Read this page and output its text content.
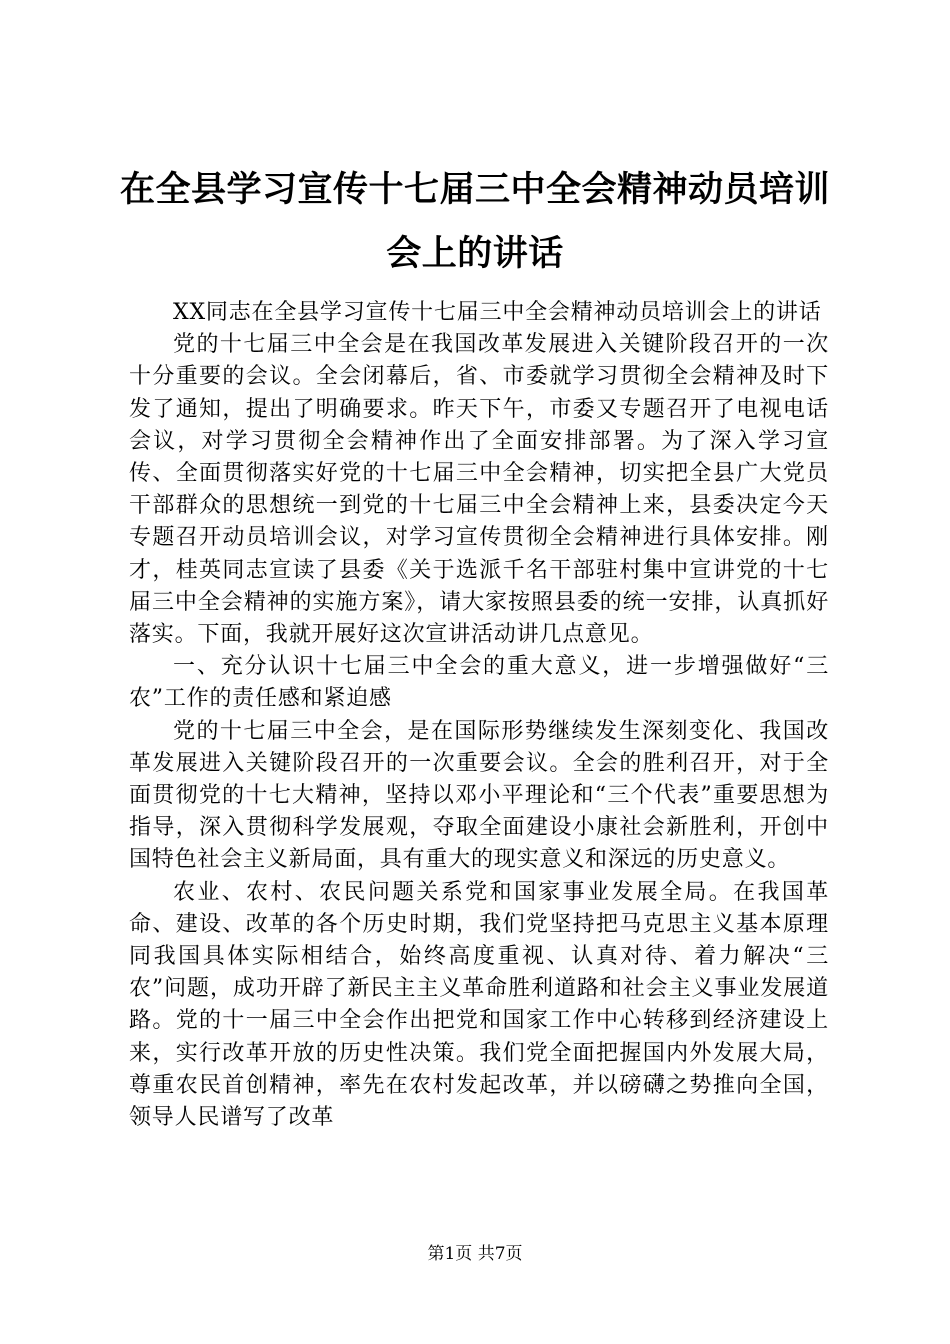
在全县学习宣传十七届三中全会精神动员培训会上的讲话

XX同志在全县学习宣传十七届三中全会精神动员培训会上的讲话

党的十七届三中全会是在我国改革发展进入关键阶段召开的一次十分重要的会议。全会闭幕后，省、市委就学习贯彻全会精神及时下发了通知，提出了明确要求。昨天下午，市委又专题召开了电视电话会议，对学习贯彻全会精神作出了全面安排部署。为了深入学习宣传、全面贯彻落实好党的十七届三中全会精神，切实把全县广大党员干部群众的思想统一到党的十七届三中全会精神上来，县委决定今天专题召开动员培训会议，对学习宣传贯彻全会精神进行具体安排。刚才，桂英同志宣读了县委《关于选派千名干部驻村集中宣讲党的十七届三中全会精神的实施方案》，请大家按照县委的统一安排，认真抓好落实。下面，我就开展好这次宣讲活动讲几点意见。

一、充分认识十七届三中全会的重大意义，进一步增强做好“三农”工作的责任感和紧迫感

党的十七届三中全会，是在国际形势继续发生深刻变化、我国改革发展进入关键阶段召开的一次重要会议。全会的胜利召开，对于全面贯彻党的十七大精神，坚持以邓小平理论和“三个代表”重要思想为指导，深入贯彻科学发展观，夺取全面建设小康社会新胜利，开创中国特色社会主义新局面，具有重大的现实意义和深远的历史意义。

农业、农村、农民问题关系党和国家事业发展全局。在我国革命、建设、改革的各个历史时期，我们党坚持把马克思主义基本原理同我国具体实际相结合，始终高度重视、认真对待、着力解决“三农”问题，成功开辟了新民主主义革命胜利道路和社会主义事业发展道路。党的十一届三中全会作出把党和国家工作中心转移到经济建设上来，实行改革开放的历史性决策。我们党全面把握国内外发展大局，尊重农民首创精神，率先在农村发起改革，并以磅礴之势推向全国，领导人民谱写了改革

第1页 共7页
